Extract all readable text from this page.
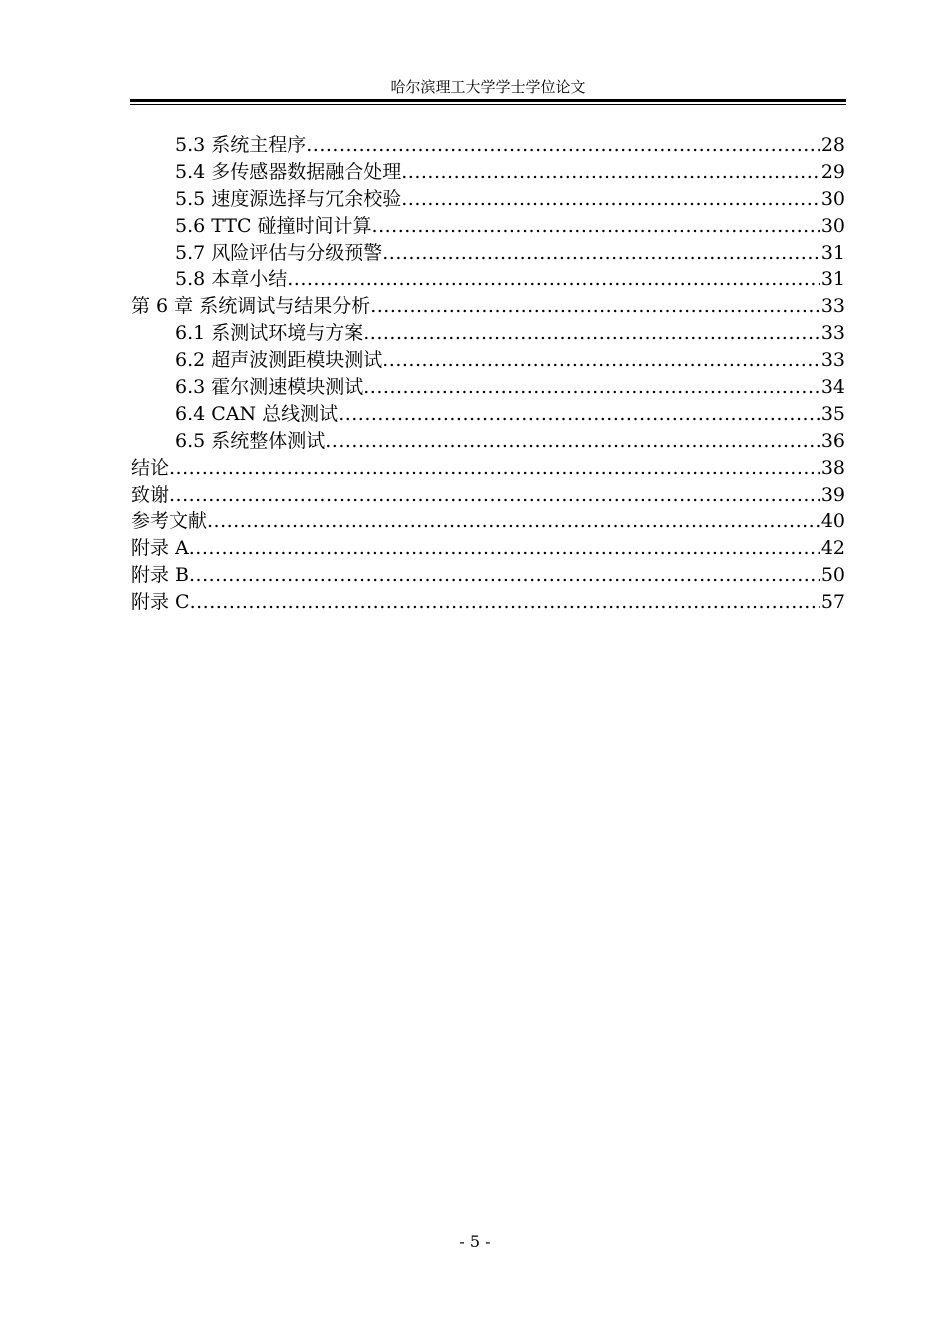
哈尔滨理工大学学士学位论文
5.3 系统主程序 .....	28
5.4 多传感器数据融合处理 .....	29
5.5 速度源选择与冗余校验 .....	30
5.6 TTC 碰撞时间计算 .....	30
5.7 风险评估与分级预警 .....	31
5.8 本章小结 .....	31
第 6 章 系统调试与结果分析 .....	33
6.1 系测试环境与方案 .....	33
6.2 超声波测距模块测试 .....	33
6.3 霍尔测速模块测试 .....	34
6.4 CAN 总线测试 .....	35
6.5 系统整体测试 .....	36
结论 .....	38
致谢 .....	39
参考文献 .....	40
附录 A .....	42
附录 B .....	50
附录 C .....	57
- 5 -
